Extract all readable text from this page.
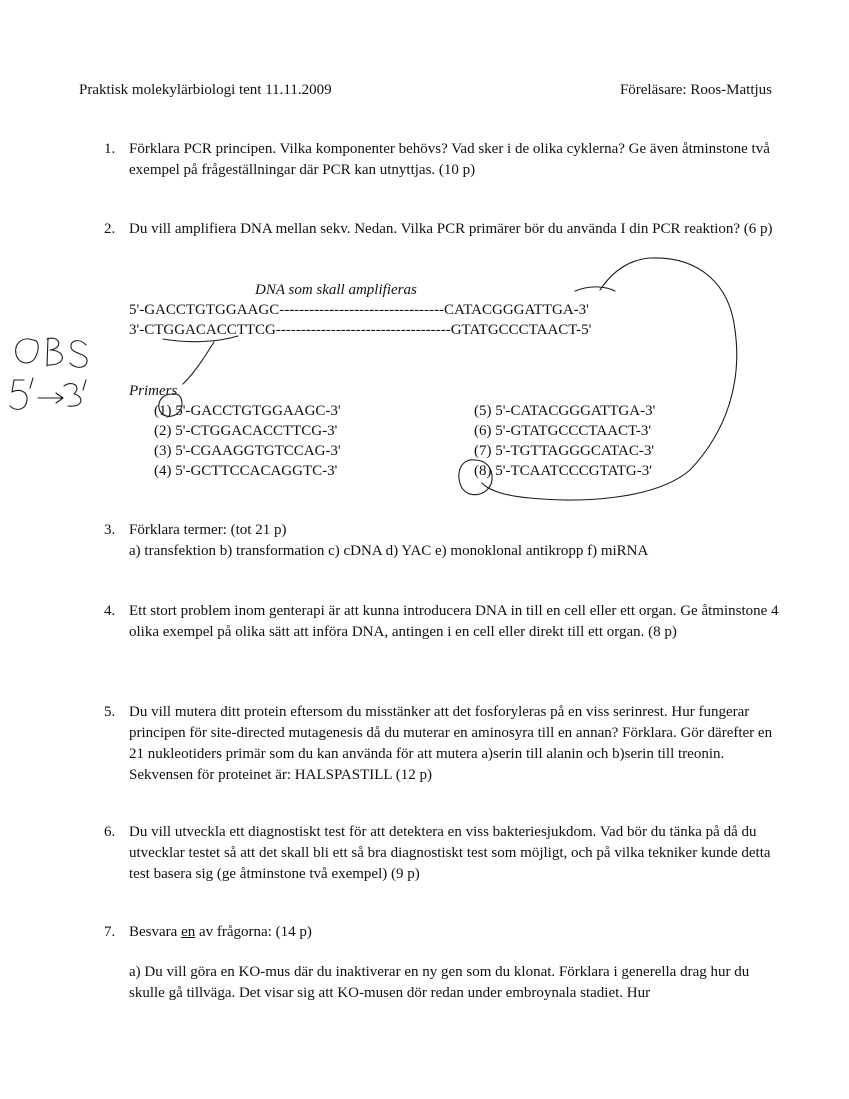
Praktisk molekylärbiologi tent 11.11.2009	Föreläsare: Roos-Mattjus
1. Förklara PCR principen. Vilka komponenter behövs? Vad sker i de olika cyklerna? Ge även åtminstone två exempel på frågeställningar där PCR kan utnyttjas. (10 p)
2. Du vill amplifiera DNA mellan sekv. Nedan. Vilka PCR primärer bör du använda I din PCR reaktion? (6 p)
DNA som skall amplifieras
5'-GACCTGTGGAAGC---------------------------------CATACGGGATTGA-3'
3'-CTGGACACCTTCG-----------------------------------GTATGCCCTAACT-5'
Primers
(1) 5'-GACCTGTGGAAGC-3'
(2) 5'-CTGGACACCTTCG-3'
(3) 5'-CGAAGGTGTCCAG-3'
(4) 5'-GCTTCCACAGGTC-3'
(5) 5'-CATACGGGATTGA-3'
(6) 5'-GTATGCCCTAACT-3'
(7) 5'-TGTTAGGGCATAC-3'
(8) 5'-TCAATCCCGTATG-3'
3. Förklara termer: (tot 21 p)
a) transfektion b) transformation c) cDNA d) YAC e) monoklonal antikropp f) miRNA
4. Ett stort problem inom genterapi är att kunna introducera DNA in till en cell eller ett organ. Ge åtminstone 4 olika exempel på olika sätt att införa DNA, antingen i en cell eller direkt till ett organ. (8 p)
5. Du vill mutera ditt protein eftersom du misstänker att det fosforyleras på en viss serinrest. Hur fungerar principen för site-directed mutagenesis då du muterar en aminosyra till en annan? Förklara. Gör därefter en 21 nukleotiders primär som du kan använda för att mutera a)serin till alanin och b)serin till treonin. Sekvensen för proteinet är: HALSPASTILL (12 p)
6. Du vill utveckla ett diagnostiskt test för att detektera en viss bakteriesjukdom. Vad bör du tänka på då du utvecklar testet så att det skall bli ett så bra diagnostiskt test som möjligt, och på vilka tekniker kunde detta test basera sig (ge åtminstone två exempel) (9 p)
7. Besvara en av frågorna: (14 p)
a) Du vill göra en KO-mus där du inaktiverar en ny gen som du klonat. Förklara i generella drag hur du skulle gå tillväga. Det visar sig att KO-musen dör redan under embroynala stadiet. Hur
